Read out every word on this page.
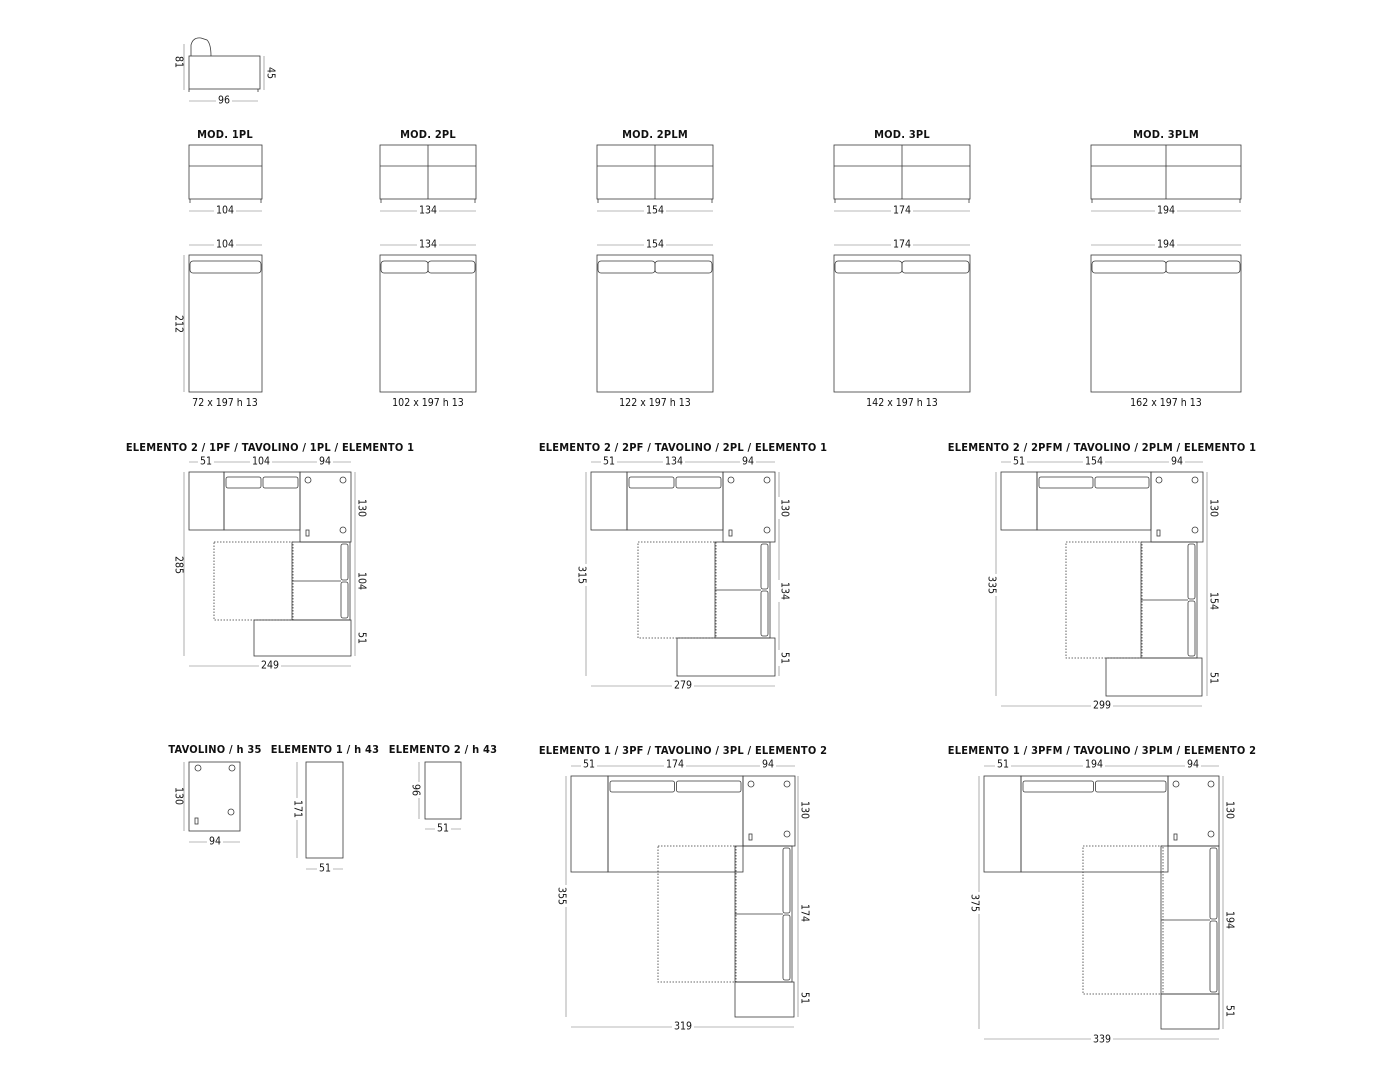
81
45
96
MOD. 1PL	MOD. 2PL	MOD. 2PLM	MOD. 3PL	MOD. 3PLM
104	134	154	174	194
104	134	154	174	194
212
72 x 197 h 13	102 x 197 h 13	122 x 197 h 13	142 x 197 h 13	162 x 197 h 13
ELEMENTO 2 / 1PF / TAVOLINO / 1PL / ELEMENTO 1
51	104	94
130
104
51
285
249
ELEMENTO 2 / 2PF / TAVOLINO / 2PL / ELEMENTO 1
51	134	94
130
134
51
315
279
ELEMENTO 2 / 2PFM / TAVOLINO / 2PLM / ELEMENTO 1
51	154	94
130
154
51
335
299
TAVOLINO / h 35 ELEMENTO 1 / h 43 ELEMENTO 2 / h 43
130
94
171
51
96
51
ELEMENTO 1 / 3PF / TAVOLINO / 3PL / ELEMENTO 2
51	174	94
130
174
51
355
319
ELEMENTO 1 / 3PFM / TAVOLINO / 3PLM / ELEMENTO 2
51	194	94
130
194
51
375
339
